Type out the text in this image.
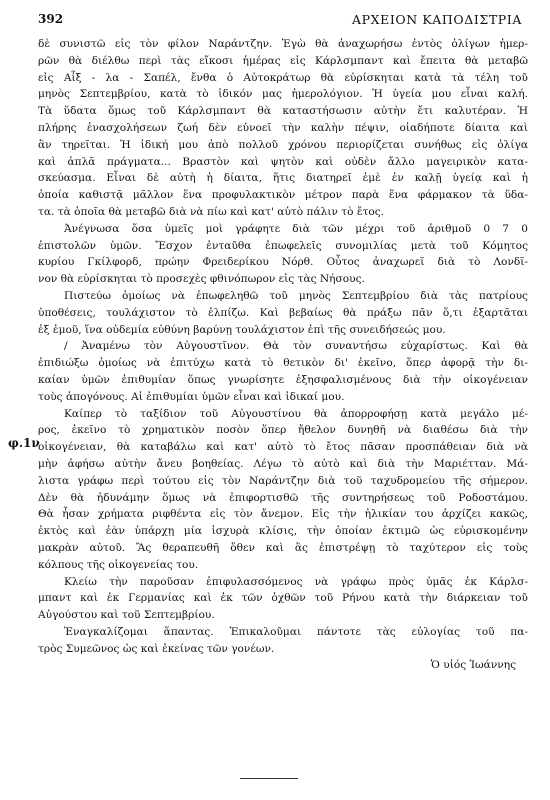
392	ΑΡΧΕΙΟΝ ΚΑΠΟΔΙΣΤΡΙΑ
φ.1ν
δὲ συνιστῶ εἰς τὸν φίλον Ναράντζην. Ἐγὼ θὰ ἀναχωρήσω ἐντὸς ὀλίγων ἡμερ-
ρῶν θὰ διέλθω περὶ τὰς εἴκοσι ἡμέρας εἰς Κάρλσμπαντ καὶ ἔπειτα θὰ μεταβῶ
εἰς Αἶξ - λα - Σαπέλ, ἔνθα ὁ Αὐτοκράτωρ θὰ εὑρίσκηται κατὰ τὰ τέλη τοῦ
μηνὸς Σεπτεμβρίου, κατὰ τὸ ἰδικόν μας ἡμερολόγιον. Ἡ ὑγεία μου εἶναι καλή.
Τὰ ὕδατα ὅμως τοῦ Κάρλσμπαντ θὰ καταστήσωσιν αὐτὴν ἔτι καλυτέραν. Ἡ
πλήρης ἐνασχολήσεων ζωή δὲν εὐνοεῖ τὴν καλὴν πέψιν, οἱαδήποτε δίαιτα καὶ
ἂν τηρεῖται. Ἡ ἰδική μου ἀπὸ πολλοῦ χρόνου περιορίζεται συνήθως εἰς ὀλίγα
καὶ ἁπλᾶ πράγματα... Βραστὸν καὶ ψητὸν καὶ οὐδὲν ἄλλο μαγειρικὸν κατα-
σκεύασμα. Εἶναι δὲ αὐτὴ ἡ δίαιτα, ἥτις διατηρεῖ ἐμὲ ἐν καλῇ ὑγείᾳ καὶ ἡ
ὁποία καθιστᾷ μᾶλλον ἕνα προφυλακτικὸν μέτρον παρὰ ἕνα φάρμακον τὰ ὕδα-
τα. τὰ ὁποῖα θὰ μεταβῶ διὰ νὰ πίω καὶ κατ' αὐτὸ πάλιν τὸ ἔτος.
Ἀνέγνωσα ὅσα ὑμεῖς μοὶ γράφητε διὰ τῶν μέχρι τοῦ ἀριθμοῦ 0 7 0
ἐπιστολῶν ὑμῶν. Ἔσχον ἐνταῦθα ἐπωφελεῖς συνομιλίας μετὰ τοῦ Κόμητος
κυρίου Γκίλφορδ, πρώην Φρειδερίκου Νόρθ. Οὗτος ἀναχωρεῖ διὰ τὸ Λονδῖ-
νον θὰ εὑρίσκηται τὸ προσεχὲς φθινόπωρον εἰς τὰς Νήσους.
Πιστεύω ὁμοίως νὰ ἐπωφεληθῶ τοῦ μηνὸς Σεπτεμβρίου διὰ τὰς πατρίους
ὑποθέσεις, τουλάχιστον τὸ ἐλπίζω. Καὶ βεβαίως θὰ πράξω πᾶν ὅ,τι ἐξαρτᾶται
ἐξ ἐμοῦ, ἵνα οὐδεμία εὐθύνη βαρύνῃ τουλάχιστον ἐπὶ τῆς συνειδήσεώς μου.
/ Ἀναμένω τὸν Αὐγουστῖνον. Θὰ τὸν συναντήσω εὐχαρίστως. Καὶ θὰ
ἐπιδιώξω ὁμοίως νὰ ἐπιτύχω κατὰ τὸ θετικὸν δι' ἐκεῖνο, ὅπερ ἀφορᾷ τὴν δι-
καίαν ὑμῶν ἐπιθυμίαν ὅπως γνωρίσητε ἐξησφαλισμένους διὰ τὴν οἰκογένειαν
τοὺς ἀπογόνους. Αἱ ἐπιθυμίαι ὑμῶν εἶναι καὶ ἰδικαί μου.
Καίπερ τὸ ταξίδιον τοῦ Αὐγουστίνου θὰ ἀπορροφήσῃ κατὰ μεγάλο μέ-
ρος, ἐκεῖνο τὸ χρηματικὸν ποσὸν ὅπερ ἤθελον δυνηθῆ νὰ διαθέσω διὰ τὴν
οἰκογένειαν, θὰ καταβάλω καὶ κατ' αὐτὸ τὸ ἔτος πᾶσαν προσπάθειαν διὰ νὰ
μὴν ἀφήσω αὐτὴν ἄνευ βοηθείας. Λέγω τὸ αὐτὸ καὶ διὰ τὴν Μαριέτταν. Μά-
λιστα γράφω περὶ τούτου εἰς τὸν Ναράντζην διὰ τοῦ ταχυδρομείου τῆς σήμερον.
Δὲν θὰ ἠδυνάμην ὅμως νὰ ἐπιφορτισθῶ τῆς συντηρήσεως τοῦ Ροδοστάμου.
Θὰ ἦσαν χρήματα ριφθέντα εἰς τὸν ἄνεμον. Εἰς τὴν ἡλικίαν του ἀρχίζει κακῶς,
ἐκτὸς καὶ ἐὰν ὑπάρχῃ μία ἰσχυρὰ κλίσις, τὴν ὁποίαν ἐκτιμῶ ὡς εὑρισκομένην
μακρὰν αὐτοῦ. Ἂς θεραπευθῆ ὅθεν καὶ ἂς ἐπιστρέψῃ τὸ ταχύτερον εἰς τοὺς
κόλπους τῆς οἰκογενείας του.
Κλείω τὴν παροῦσαν ἐπιφυλασσόμενος νὰ γράφω πρὸς ὑμᾶς ἐκ Κάρλσ-
μπαντ καὶ ἐκ Γερμανίας καὶ ἐκ τῶν ὀχθῶν τοῦ Ρήνου κατὰ τὴν διάρκειαν τοῦ
Αὐγούστου καὶ τοῦ Σεπτεμβρίου.
Ἐναγκαλίζομαι ἅπαντας. Ἐπικαλοῦμαι πάντοτε τὰς εὐλογίας τοῦ πα-
τρὸς Συμεῶνος ὡς καὶ ἐκείνας τῶν γονέων.
Ὁ υἱός Ἰωάννης
